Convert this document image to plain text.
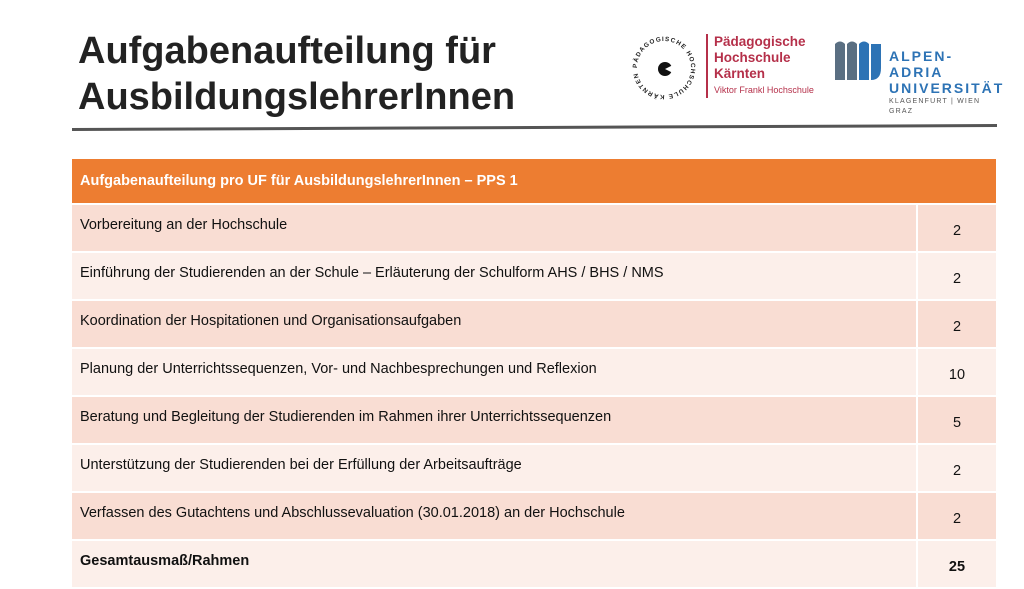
Aufgabenaufteilung für
AusbildungslehrerInnen
PÄDAGOGISCHE HOCHSCHULE KÄRNTEN
Pädagogische
Hochschule
Kärnten
Viktor Frankl Hochschule
ALPEN-ADRIA
UNIVERSITÄT
KLAGENFURT | WIEN GRAZ
Aufgabenaufteilung pro UF für AusbildungslehrerInnen – PPS 1	
Vorbereitung an der Hochschule	2
Einführung der Studierenden an der Schule – Erläuterung der Schulform AHS / BHS / NMS	2
Koordination der Hospitationen und Organisationsaufgaben	2
Planung der Unterrichtssequenzen, Vor- und Nachbesprechungen und Reflexion	10
Beratung und Begleitung der Studierenden im Rahmen ihrer Unterrichtssequenzen	5
Unterstützung der Studierenden bei der Erfüllung der Arbeitsaufträge	2
Verfassen des Gutachtens und Abschlussevaluation (30.01.2018) an der Hochschule	2
Gesamtausmaß/Rahmen	25
